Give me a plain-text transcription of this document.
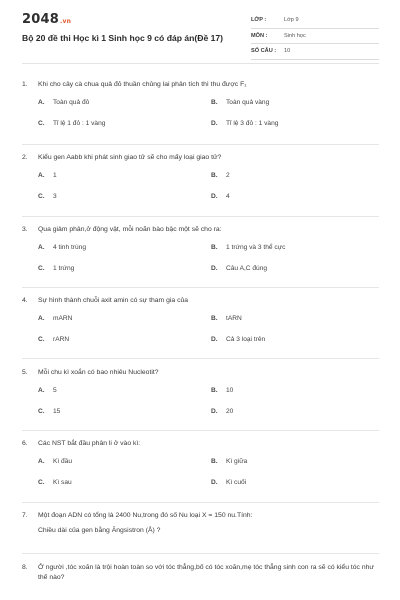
2048.vn
Bộ 20 đề thi Học kì 1 Sinh học 9 có đáp án(Đề 17)
LỚP :	Lớp 9
MÔN :	Sinh học
SỐ CÂU :	10
1.	Khi cho cây cà chua quả đỏ thuần chủng lai phân tích thì thu được F₁
A.	Toàn quả đỏ	B.	Toàn quả vàng
C.	Tỉ lệ 1 đỏ : 1 vàng	D.	Tỉ lệ 3 đỏ : 1 vàng
2.	Kiểu gen Aabb khi phát sinh giao tử sẽ cho mấy loại giao tử?
A.	1	B.	2
C.	3	D.	4
3.	Qua giảm phân,ở động vật, mỗi noãn bào bậc một sẽ cho ra:
A.	4 tinh trùng	B.	1 trứng và 3 thể cực
C.	1 trứng	D.	Câu A,C đúng
4.	Sự hình thành chuỗi axit amin có sự tham gia của
A.	mARN	B.	tARN
C.	rARN	D.	Cả 3 loại trên
5.	Mỗi chu kì xoắn có bao nhiêu Nucleotit?
A.	5	B.	10
C.	15	D.	20
6.	Các NST bắt đầu phân li ở vào kì:
A.	Kì đầu	B.	Kì giữa
C.	Kì sau	D.	Kì cuối
7.	Một đoạn ADN có tổng là 2400 Nu,trong đó số Nu loại X = 150 nu.Tính:
Chiều dài của gen bằng Ăngsistron (Å) ?
8.	Ở người ,tóc xoăn là trội hoàn toàn so với tóc thẳng,bố có tóc xoăn,mẹ tóc thẳng sinh con ra sẽ có kiểu tóc như thế nào?
